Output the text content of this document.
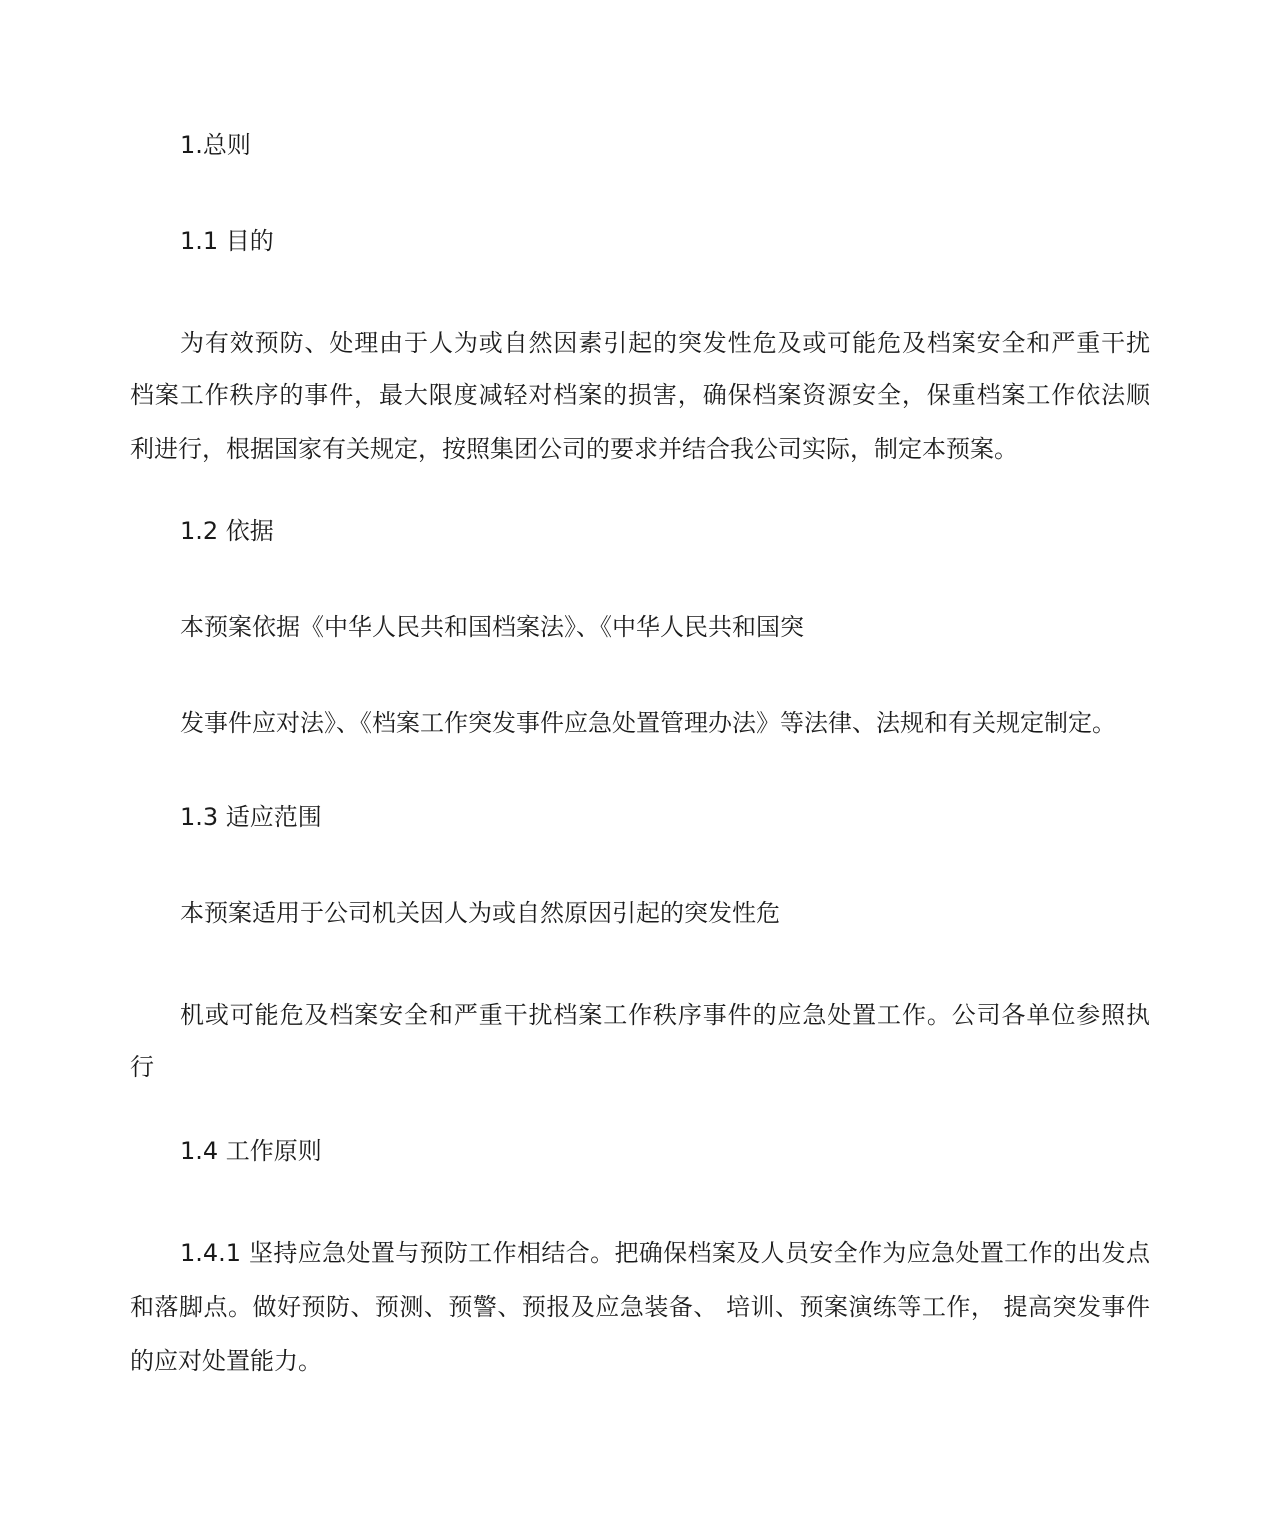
1.总则

1.1 目的

为有效预防、处理由于人为或自然因素引起的突发性危及或可能危及档案安全和严重干扰

档案工作秩序的事件，最大限度减轻对档案的损害，确保档案资源安全，保重档案工作依法顺

利进行，根据国家有关规定，按照集团公司的要求并结合我公司实际，制定本预案。

1.2 依据

本预案依据《中华人民共和国档案法》、《中华人民共和国突

发事件应对法》、《档案工作突发事件应急处置管理办法》等法律、法规和有关规定制定。

1.3 适应范围

本预案适用于公司机关因人为或自然原因引起的突发性危

机或可能危及档案安全和严重干扰档案工作秩序事件的应急处置工作。公司各单位参照执

行

1.4 工作原则

1.4.1 坚持应急处置与预防工作相结合。把确保档案及人员安全作为应急处置工作的出发点

和落脚点。做好预防、预测、预警、预报及应急装备、 培训、预案演练等工作， 提高突发事件

的应对处置能力。
